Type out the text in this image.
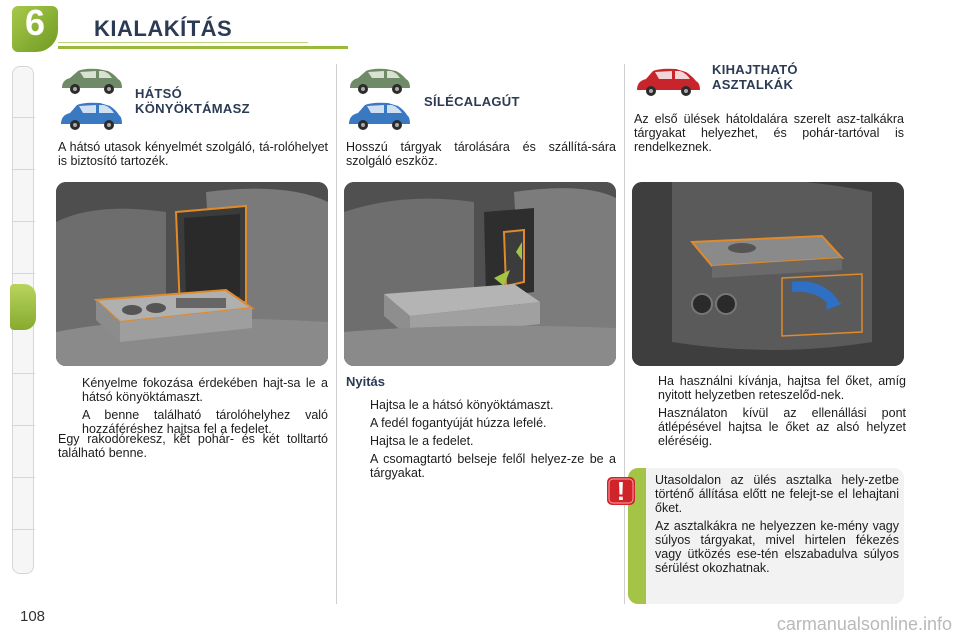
6	KIALAKÍTÁS
HÁTSÓ
KÖNYÖKTÁMASZ
A hátsó utasok kényelmét szolgáló, tá-rolóhelyet is biztosító tartozék.
Kényelme fokozása érdekében hajt-sa le a hátsó könyöktámaszt.
A benne található tárolóhelyhez való hozzáféréshez hajtsa fel a fedelet.
Egy rakodórekesz, két pohár- és két tolltartó található benne.
SÍLÉCALAGÚT
Hosszú tárgyak tárolására és szállítá-sára szolgáló eszköz.
Nyitás
Hajtsa le a hátsó könyöktámaszt.
A fedél fogantyúját húzza lefelé.
Hajtsa le a fedelet.
A csomagtartó belseje felől helyez-ze be a tárgyakat.
KIHAJTHATÓ
ASZTALKÁK
Az első ülések hátoldalára szerelt asz-talkákra tárgyakat helyezhet, és pohár-tartóval is rendelkeznek.
Ha használni kívánja, hajtsa fel őket, amíg nyitott helyzetben reteszelőd-nek.
Használaton kívül az ellenállási pont átlépésével hajtsa le őket az alsó helyzet eléréséig.
!	Utasoldalon az ülés asztalka hely-zetbe történő állítása előtt ne felejt-se el lehajtani őket.

Az asztalkákra ne helyezzen ke-mény vagy súlyos tárgyakat, mivel hirtelen fékezés vagy ütközés ese-tén elszabadulva súlyos sérülést okozhatnak.

108	carmanualsonline.info
